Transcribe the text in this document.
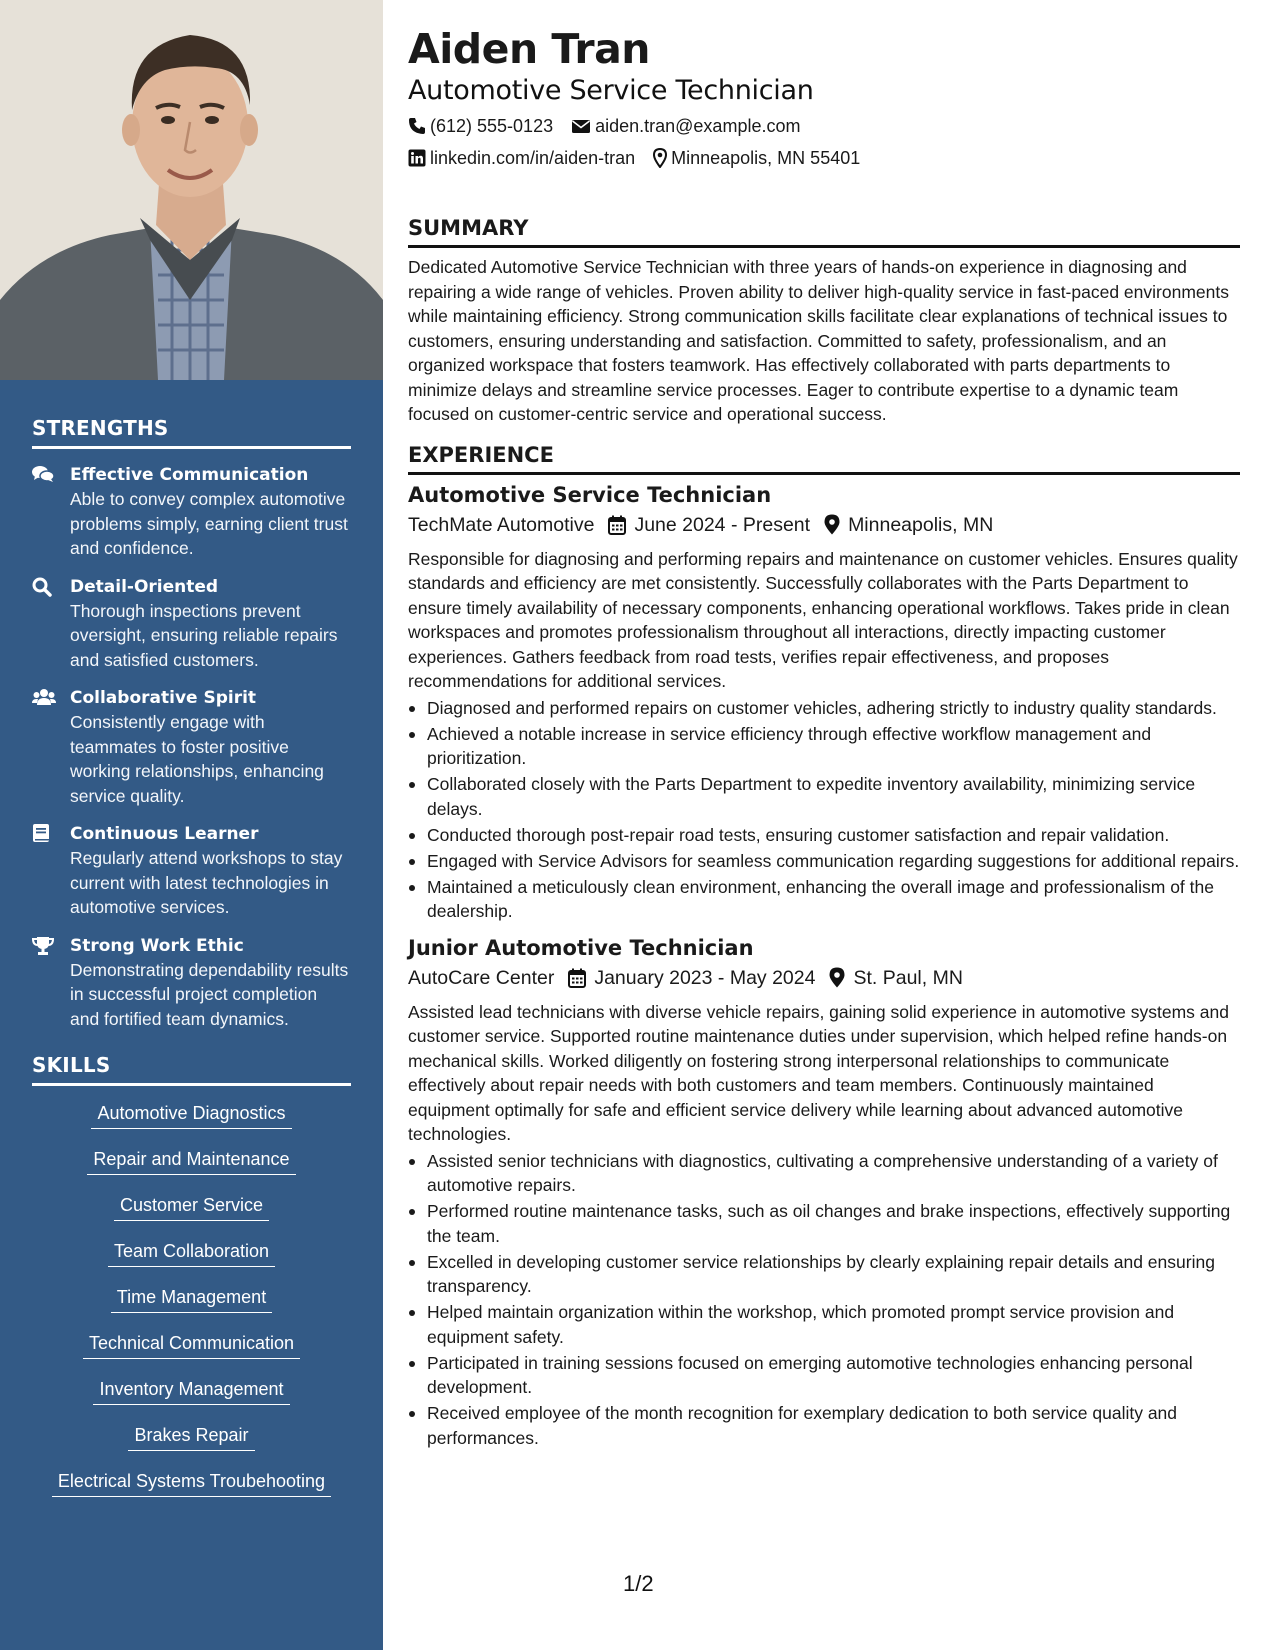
STRENGTHS
Effective Communication
Able to convey complex automotive problems simply, earning client trust and confidence.
Detail-Oriented
Thorough inspections prevent oversight, ensuring reliable repairs and satisfied customers.
Collaborative Spirit
Consistently engage with teammates to foster positive working relationships, enhancing service quality.
Continuous Learner
Regularly attend workshops to stay current with latest technologies in automotive services.
Strong Work Ethic
Demonstrating dependability results in successful project completion and fortified team dynamics.
SKILLS
Automotive Diagnostics
Repair and Maintenance
Customer Service
Team Collaboration
Time Management
Technical Communication
Inventory Management
Brakes Repair
Electrical Systems Troubehooting
Aiden Tran
Automotive Service Technician
(612) 555-0123 aiden.tran@example.com
linkedin.com/in/aiden-tran Minneapolis, MN 55401
SUMMARY
Dedicated Automotive Service Technician with three years of hands-on experience in diagnosing and repairing a wide range of vehicles. Proven ability to deliver high-quality service in fast-paced environments while maintaining efficiency. Strong communication skills facilitate clear explanations of technical issues to customers, ensuring understanding and satisfaction. Committed to safety, professionalism, and an organized workspace that fosters teamwork. Has effectively collaborated with parts departments to minimize delays and streamline service processes. Eager to contribute expertise to a dynamic team focused on customer-centric service and operational success.
EXPERIENCE
Automotive Service Technician
TechMate Automotive June 2024 - Present Minneapolis, MN
Responsible for diagnosing and performing repairs and maintenance on customer vehicles. Ensures quality standards and efficiency are met consistently. Successfully collaborates with the Parts Department to ensure timely availability of necessary components, enhancing operational workflows. Takes pride in clean workspaces and promotes professionalism throughout all interactions, directly impacting customer experiences. Gathers feedback from road tests, verifies repair effectiveness, and proposes recommendations for additional services.
Diagnosed and performed repairs on customer vehicles, adhering strictly to industry quality standards.
Achieved a notable increase in service efficiency through effective workflow management and prioritization.
Collaborated closely with the Parts Department to expedite inventory availability, minimizing service delays.
Conducted thorough post-repair road tests, ensuring customer satisfaction and repair validation.
Engaged with Service Advisors for seamless communication regarding suggestions for additional repairs.
Maintained a meticulously clean environment, enhancing the overall image and professionalism of the dealership.
Junior Automotive Technician
AutoCare Center January 2023 - May 2024 St. Paul, MN
Assisted lead technicians with diverse vehicle repairs, gaining solid experience in automotive systems and customer service. Supported routine maintenance duties under supervision, which helped refine hands-on mechanical skills. Worked diligently on fostering strong interpersonal relationships to communicate effectively about repair needs with both customers and team members. Continuously maintained equipment optimally for safe and efficient service delivery while learning about advanced automotive technologies.
Assisted senior technicians with diagnostics, cultivating a comprehensive understanding of a variety of automotive repairs.
Performed routine maintenance tasks, such as oil changes and brake inspections, effectively supporting the team.
Excelled in developing customer service relationships by clearly explaining repair details and ensuring transparency.
Helped maintain organization within the workshop, which promoted prompt service provision and equipment safety.
Participated in training sessions focused on emerging automotive technologies enhancing personal development.
Received employee of the month recognition for exemplary dedication to both service quality and performances.
1/2
